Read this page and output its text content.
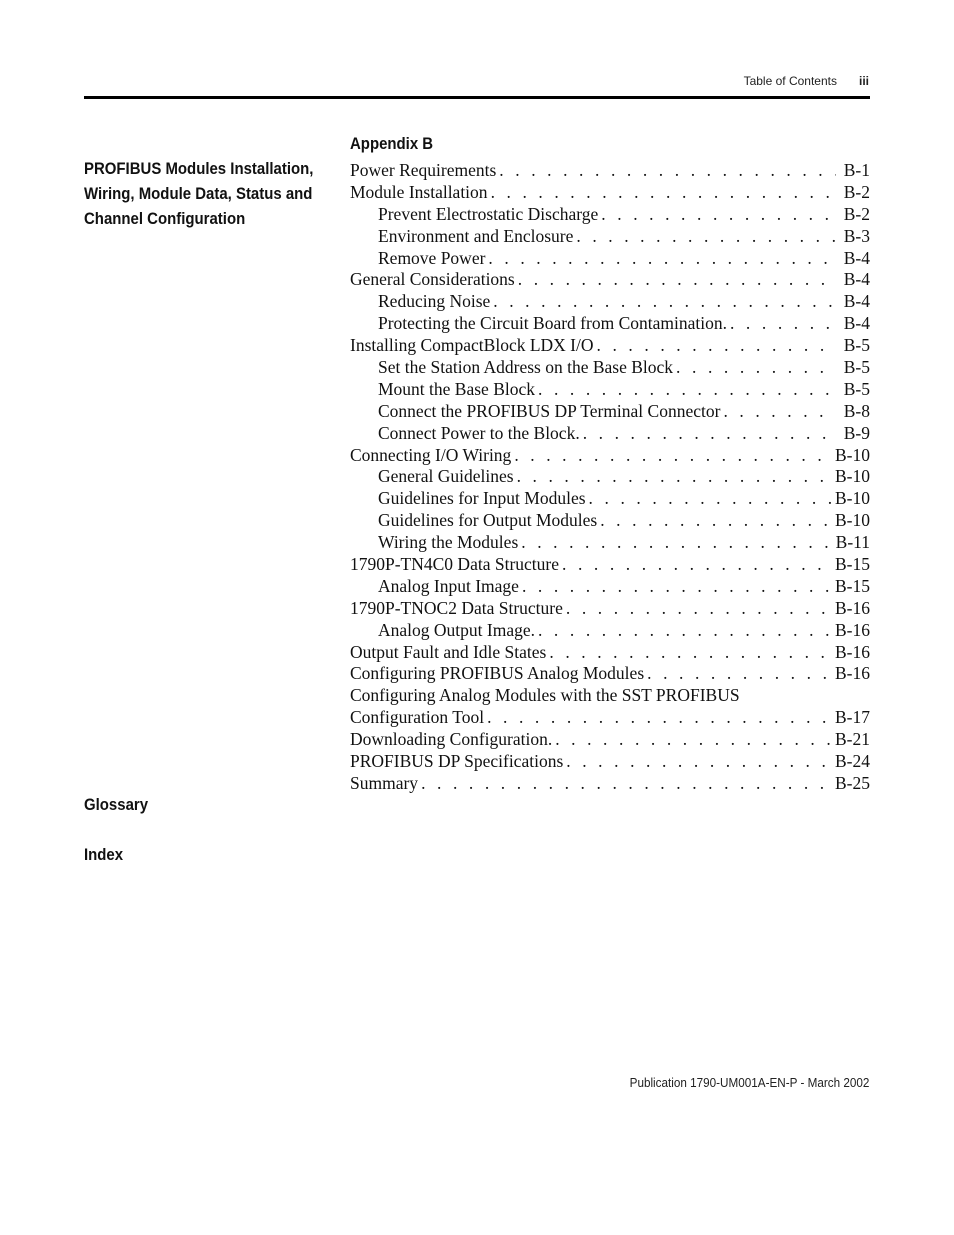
Table of Contents iii
PROFIBUS Modules Installation,
Wiring, Module Data, Status and
Channel Configuration
Appendix B
Power Requirements . . .	B-1
Module Installation . . .	B-2
Prevent Electrostatic Discharge . . .	B-2
Environment and Enclosure . . .	B-3
Remove Power . . .	B-4
General Considerations . . .	B-4
Reducing Noise . . .	B-4
Protecting the Circuit Board from Contamination. . . .	B-4
Installing CompactBlock LDX I/O . . .	B-5
Set the Station Address on the Base Block . . .	B-5
Mount the Base Block . . .	B-5
Connect the PROFIBUS DP Terminal Connector . . .	B-8
Connect Power to the Block. . . .	B-9
Connecting I/O Wiring . . .	B-10
General Guidelines . . .	B-10
Guidelines for Input Modules . . .	B-10
Guidelines for Output Modules . . .	B-10
Wiring the Modules . . .	B-11
1790P-TN4C0 Data Structure . . .	B-15
Analog Input Image . . .	B-15
1790P-TNOC2 Data Structure . . .	B-16
Analog Output Image. . . .	B-16
Output Fault and Idle States . . .	B-16
Configuring PROFIBUS Analog Modules . . .	B-16
Configuring Analog Modules with the SST PROFIBUS
Configuration Tool . . .	B-17
Downloading Configuration. . . .	B-21
PROFIBUS DP Specifications . . .	B-24
Summary . . .	B-25
Glossary
Index
Publication 1790-UM001A-EN-P - March 2002
